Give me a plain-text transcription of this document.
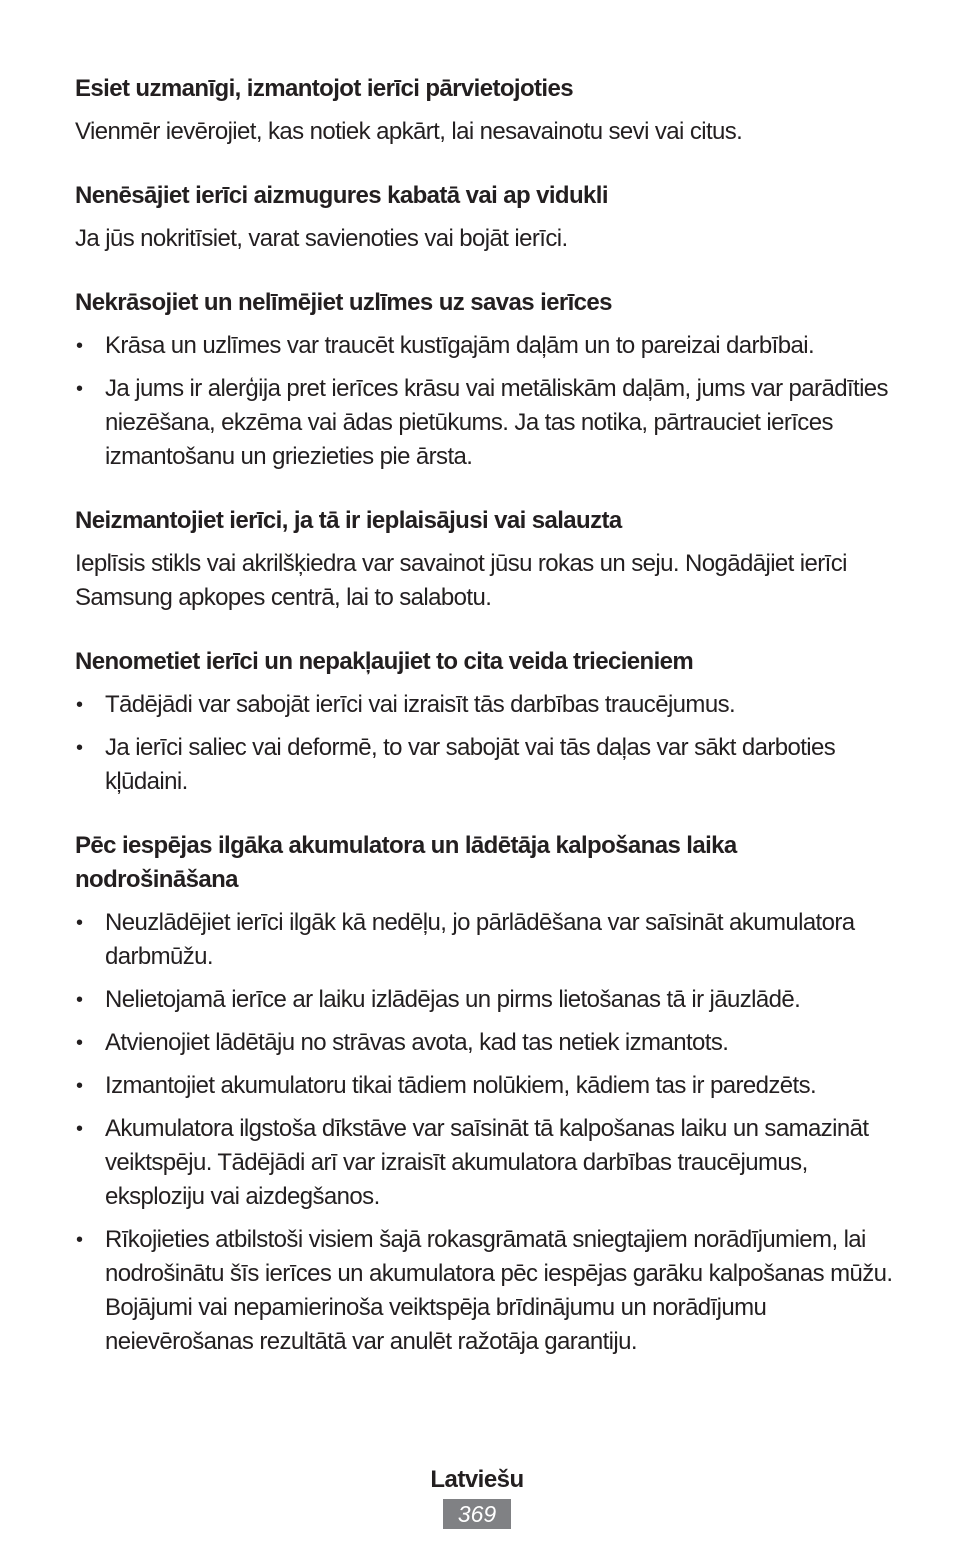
Esiet uzmanīgi, izmantojot ierīci pārvietojoties

Vienmēr ievērojiet, kas notiek apkārt, lai nesavainotu sevi vai citus.

Nenēsājiet ierīci aizmugures kabatā vai ap vidukli

Ja jūs nokritīsiet, varat savienoties vai bojāt ierīci.

Nekrāsojiet un nelīmējiet uzlīmes uz savas ierīces
• Krāsa un uzlīmes var traucēt kustīgajām daļām un to pareizai darbībai.
• Ja jums ir alerģija pret ierīces krāsu vai metāliskām daļām, jums var parādīties niezēšana, ekzēma vai ādas pietūkums. Ja tas notika, pārtrauciet ierīces izmantošanu un griezieties pie ārsta.
Neizmantojiet ierīci, ja tā ir ieplaisājusi vai salauzta

Ieplīsis stikls vai akrilšķiedra var savainot jūsu rokas un seju. Nogādājiet ierīci Samsung apkopes centrā, lai to salabotu.

Nenometiet ierīci un nepakļaujiet to cita veida triecieniem
• Tādējādi var sabojāt ierīci vai izraisīt tās darbības traucējumus.
• Ja ierīci saliec vai deformē, to var sabojāt vai tās daļas var sākt darboties kļūdaini.
Pēc iespējas ilgāka akumulatora un lādētāja kalpošanas laika nodrošināšana
• Neuzlādējiet ierīci ilgāk kā nedēļu, jo pārlādēšana var saīsināt akumulatora darbmūžu.
• Nelietojamā ierīce ar laiku izlādējas un pirms lietošanas tā ir jāuzlādē.
• Atvienojiet lādētāju no strāvas avota, kad tas netiek izmantots.
• Izmantojiet akumulatoru tikai tādiem nolūkiem, kādiem tas ir paredzēts.
• Akumulatora ilgstoša dīkstāve var saīsināt tā kalpošanas laiku un samazināt veiktspēju. Tādējādi arī var izraisīt akumulatora darbības traucējumus, eksploziju vai aizdegšanos.
• Rīkojieties atbilstoši visiem šajā rokasgrāmatā sniegtajiem norādījumiem, lai nodrošinātu šīs ierīces un akumulatora pēc iespējas garāku kalpošanas mūžu. Bojājumi vai nepamierinoša veiktspēja brīdinājumu un norādījumu neievērošanas rezultātā var anulēt ražotāja garantiju.
Latviešu
369
